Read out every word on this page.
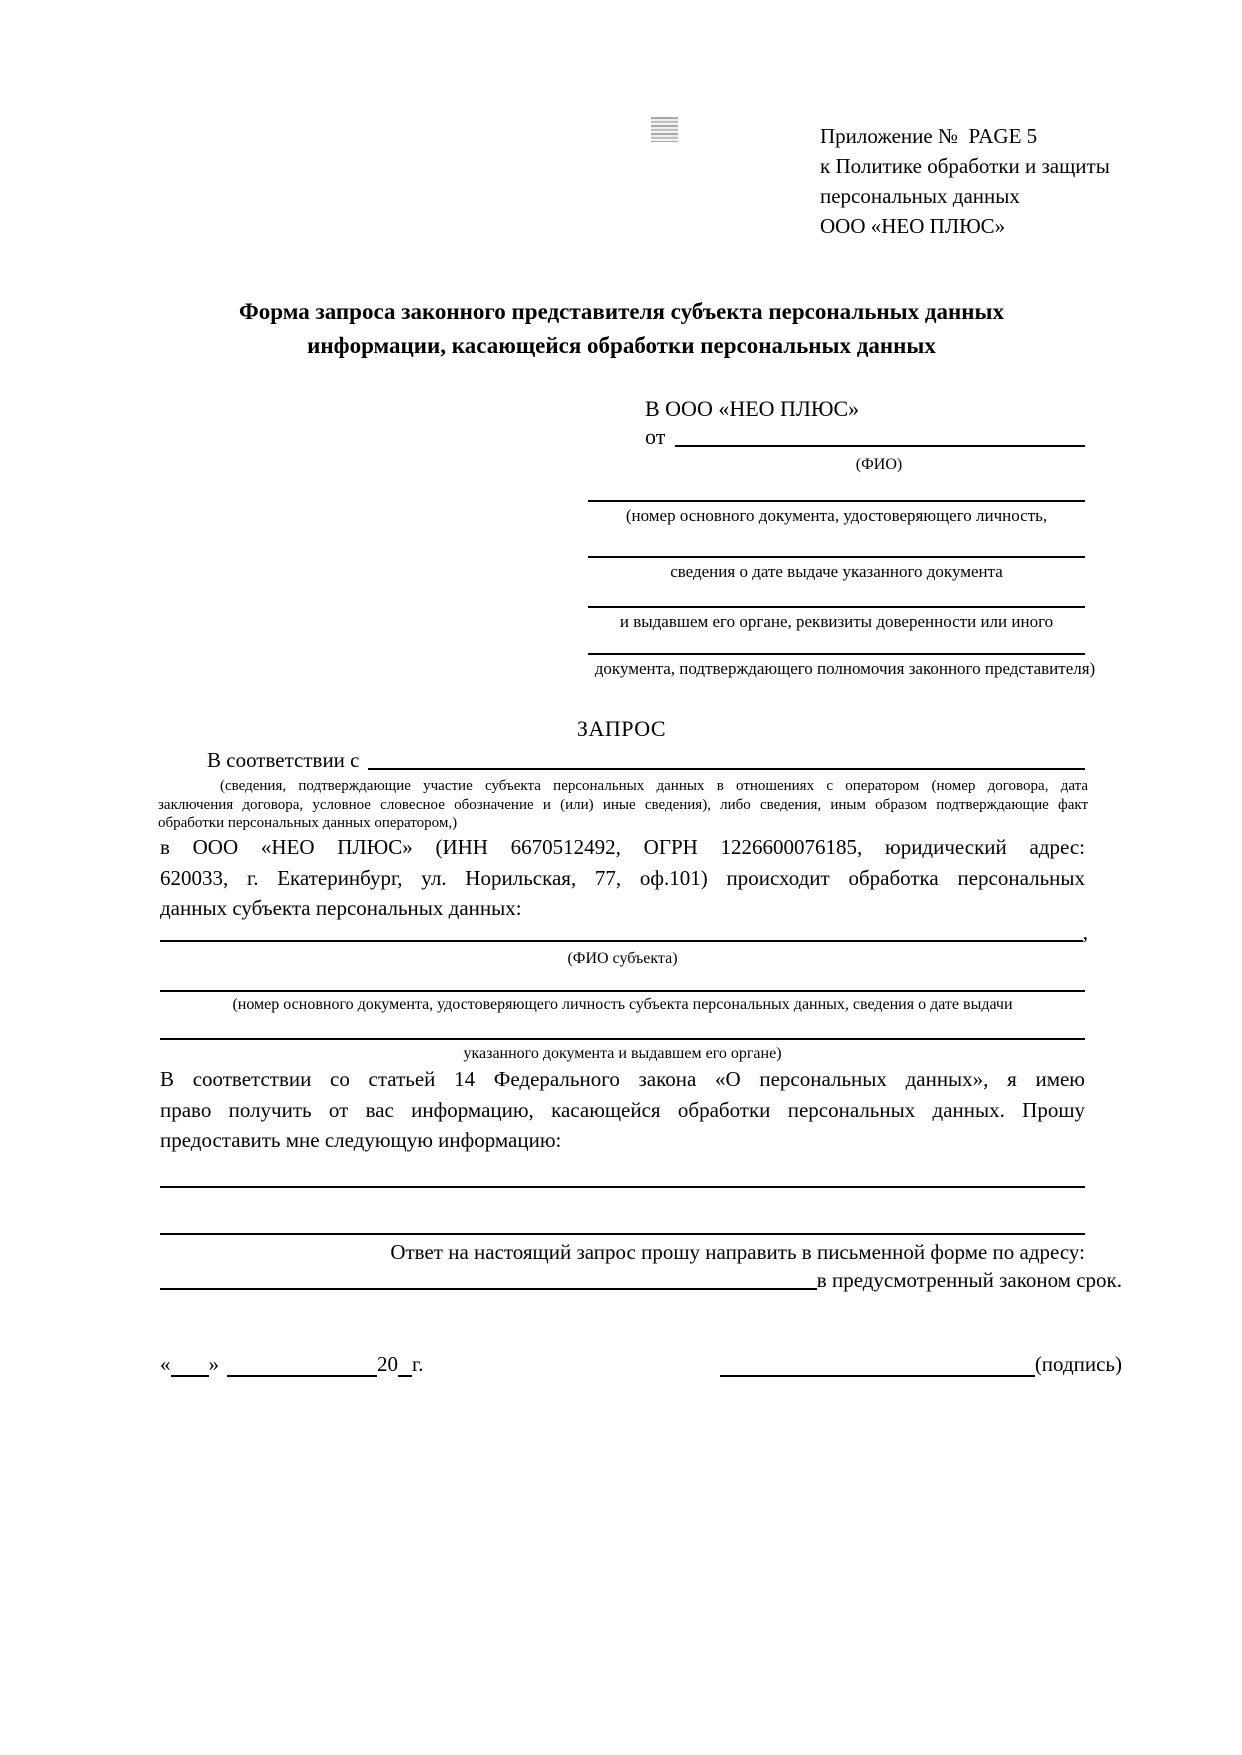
Приложение №  PAGE 5
к Политике обработки и защиты
персональных данных
ООО «НЕО ПЛЮС»
Форма запроса законного представителя субъекта персональных данных
информации, касающейся обработки персональных данных
В ООО «НЕО ПЛЮС»
от
(ФИО)
(номер основного документа, удостоверяющего личность,
сведения о дате выдаче указанного документа
и выдавшем его органе, реквизиты доверенности или иного
документа, подтверждающего полномочия законного представителя)
ЗАПРОС
В соответствии с
(сведения, подтверждающие участие субъекта персональных данных в отношениях с оператором (номер договора, дата
заключения договора, условное словесное обозначение и (или) иные сведения), либо сведения, иным образом подтверждающие факт
обработки персональных данных оператором,)
в ООО «НЕО ПЛЮС» (ИНН 6670512492, ОГРН 1226600076185, юридический адрес:
620033, г. Екатеринбург, ул. Норильская, 77, оф.101) происходит обработка персональных
данных субъекта персональных данных:
,
(ФИО субъекта)
(номер основного документа, удостоверяющего личность субъекта персональных данных, сведения о дате выдачи
указанного документа и выдавшем его органе)
В соответствии со статьей 14 Федерального закона «О персональных данных», я имею
право получить от вас информацию, касающейся обработки персональных данных. Прошу
предоставить мне следующую информацию:
Ответ на настоящий запрос прошу направить в письменной форме по адресу:
в предусмотренный законом срок.
« »	20 г.	(подпись)
